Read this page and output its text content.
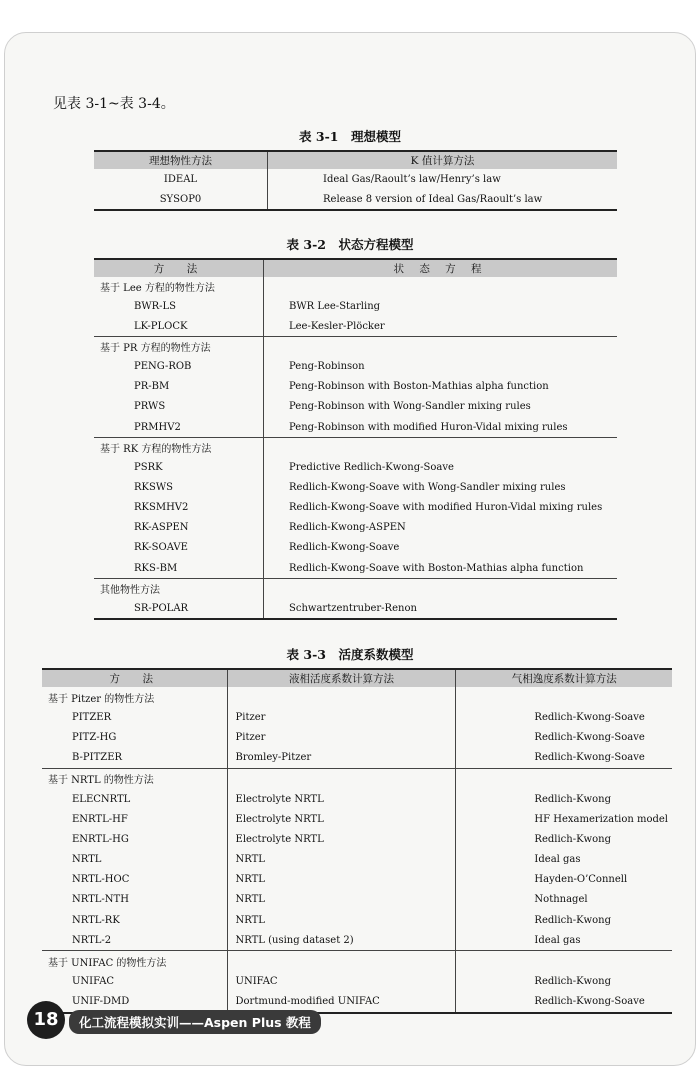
见表 3-1~表 3-4。
表 3-1　理想模型
理想物性方法	K 值计算方法
IDEAL	Ideal Gas/Raoult’s law/Henry’s law
SYSOP0	Release 8 version of Ideal Gas/Raoult’s law
表 3-2　状态方程模型
方　法	状 态 方 程
基于 Lee 方程的物性方法	
BWR-LS	BWR Lee-Starling
LK-PLOCK	Lee-Kesler-Plöcker
基于 PR 方程的物性方法	
PENG-ROB	Peng-Robinson
PR-BM	Peng-Robinson with Boston-Mathias alpha function
PRWS	Peng-Robinson with Wong-Sandler mixing rules
PRMHV2	Peng-Robinson with modified Huron-Vidal mixing rules
基于 RK 方程的物性方法	
PSRK	Predictive Redlich-Kwong-Soave
RKSWS	Redlich-Kwong-Soave with Wong-Sandler mixing rules
RKSMHV2	Redlich-Kwong-Soave with modified Huron-Vidal mixing rules
RK-ASPEN	Redlich-Kwong-ASPEN
RK-SOAVE	Redlich-Kwong-Soave
RKS-BM	Redlich-Kwong-Soave with Boston-Mathias alpha function
其他物性方法	
SR-POLAR	Schwartzentruber-Renon
表 3-3　活度系数模型
方　法	液相活度系数计算方法	气相逸度系数计算方法
基于 Pitzer 的物性方法		
PITZER	Pitzer	Redlich-Kwong-Soave
PITZ-HG	Pitzer	Redlich-Kwong-Soave
B-PITZER	Bromley-Pitzer	Redlich-Kwong-Soave
基于 NRTL 的物性方法		
ELECNRTL	Electrolyte NRTL	Redlich-Kwong
ENRTL-HF	Electrolyte NRTL	HF Hexamerization model
ENRTL-HG	Electrolyte NRTL	Redlich-Kwong
NRTL	NRTL	Ideal gas
NRTL-HOC	NRTL	Hayden-O’Connell
NRTL-NTH	NRTL	Nothnagel
NRTL-RK	NRTL	Redlich-Kwong
NRTL-2	NRTL (using dataset 2)	Ideal gas
基于 UNIFAC 的物性方法		
UNIFAC	UNIFAC	Redlich-Kwong
UNIF-DMD	Dortmund-modified UNIFAC	Redlich-Kwong-Soave
18	化工流程模拟实训——Aspen Plus 教程
